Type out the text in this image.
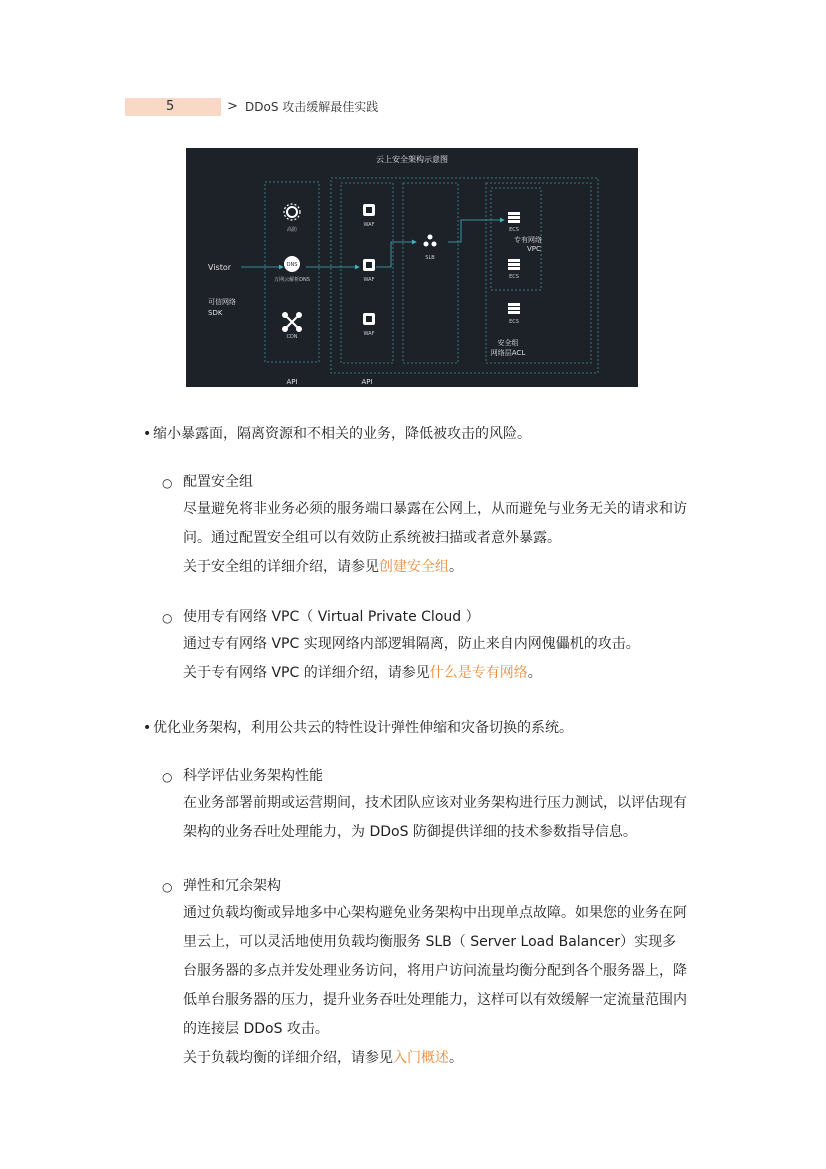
5	> DDoS 攻击缓解最佳实践
云上安全架构示意图
Vistor
可信网络
SDK
高防
DNS
万网云解析DNS
CDN
WAF
WAF
WAF
SLB
ECS
ECS
ECS
专有网络
VPC
安全组
网络层ACL
API	API
• 缩小暴露面，隔离资源和不相关的业务，降低被攻击的风险。
○ 配置安全组
尽量避免将非业务必须的服务端口暴露在公网上，从而避免与业务无关的请求和访
问。通过配置安全组可以有效防止系统被扫描或者意外暴露。
关于安全组的详细介绍，请参见创建安全组。
○ 使用专有网络 VPC（ Virtual Private Cloud ）
通过专有网络 VPC 实现网络内部逻辑隔离，防止来自内网傀儡机的攻击。
关于专有网络 VPC 的详细介绍，请参见什么是专有网络。
• 优化业务架构，利用公共云的特性设计弹性伸缩和灾备切换的系统。
○ 科学评估业务架构性能
在业务部署前期或运营期间，技术团队应该对业务架构进行压力测试，以评估现有
架构的业务吞吐处理能力，为 DDoS 防御提供详细的技术参数指导信息。
○ 弹性和冗余架构
通过负载均衡或异地多中心架构避免业务架构中出现单点故障。如果您的业务在阿
里云上，可以灵活地使用负载均衡服务 SLB（ Server Load Balancer）实现多
台服务器的多点并发处理业务访问，将用户访问流量均衡分配到各个服务器上，降
低单台服务器的压力，提升业务吞吐处理能力，这样可以有效缓解一定流量范围内
的连接层 DDoS 攻击。
关于负载均衡的详细介绍，请参见入门概述。
